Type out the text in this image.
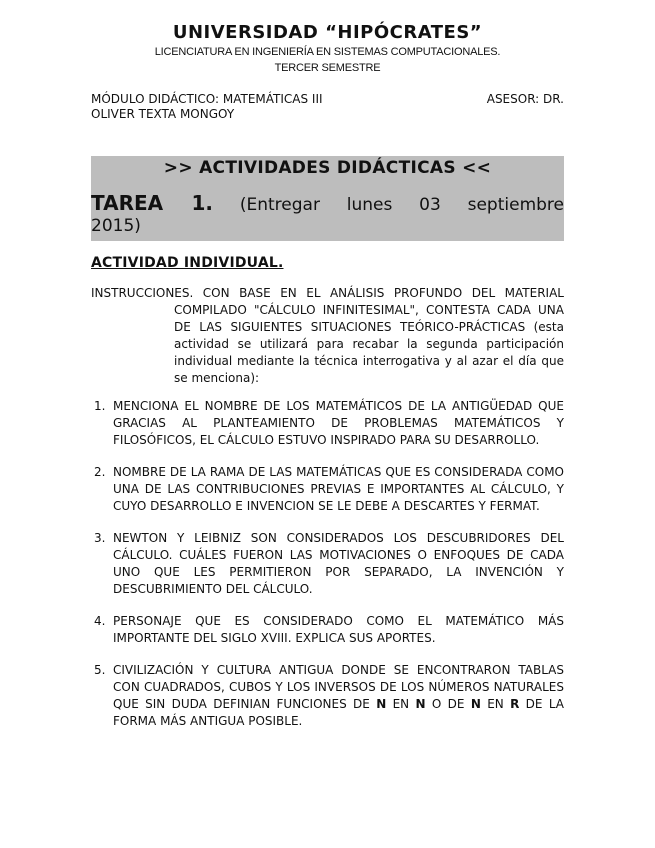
UNIVERSIDAD “HIPÓCRATES”
LICENCIATURA EN INGENIERÍA EN SISTEMAS COMPUTACIONALES.
TERCER SEMESTRE
MÓDULO DIDÁCTICO: MATEMÁTICAS III	ASESOR: DR.
OLIVER TEXTA MONGOY
>> ACTIVIDADES DIDÁCTICAS <<
TAREA 1. (Entregar lunes 03 septiembre
2015)
ACTIVIDAD INDIVIDUAL.
INSTRUCCIONES. CON BASE EN EL ANÁLISIS PROFUNDO DEL MATERIAL
COMPILADO "CÁLCULO INFINITESIMAL", CONTESTA CADA UNA DE LAS SIGUIENTES SITUACIONES TEÓRICO-PRÁCTICAS (esta actividad se utilizará para recabar la segunda participación individual mediante la técnica interrogativa y al azar el día que se menciona):
1. MENCIONA EL NOMBRE DE LOS MATEMÁTICOS DE LA ANTIGÜEDAD QUE GRACIAS AL PLANTEAMIENTO DE PROBLEMAS MATEMÁTICOS Y FILOSÓFICOS, EL CÁLCULO ESTUVO INSPIRADO PARA SU DESARROLLO.
2. NOMBRE DE LA RAMA DE LAS MATEMÁTICAS QUE ES CONSIDERADA COMO UNA DE LAS CONTRIBUCIONES PREVIAS E IMPORTANTES AL CÁLCULO, Y CUYO DESARROLLO E INVENCION SE LE DEBE A DESCARTES Y FERMAT.
3. NEWTON Y LEIBNIZ SON CONSIDERADOS LOS DESCUBRIDORES DEL CÁLCULO. CUÁLES FUERON LAS MOTIVACIONES O ENFOQUES DE CADA UNO QUE LES PERMITIERON POR SEPARADO, LA INVENCIÓN Y DESCUBRIMIENTO DEL CÁLCULO.
4. PERSONAJE QUE ES CONSIDERADO COMO EL MATEMÁTICO MÁS IMPORTANTE DEL SIGLO XVIII. EXPLICA SUS APORTES.
5. CIVILIZACIÓN Y CULTURA ANTIGUA DONDE SE ENCONTRARON TABLAS CON CUADRADOS, CUBOS Y LOS INVERSOS DE LOS NÚMEROS NATURALES QUE SIN DUDA DEFINIAN FUNCIONES DE N EN N O DE N EN R DE LA FORMA MÁS ANTIGUA POSIBLE.
